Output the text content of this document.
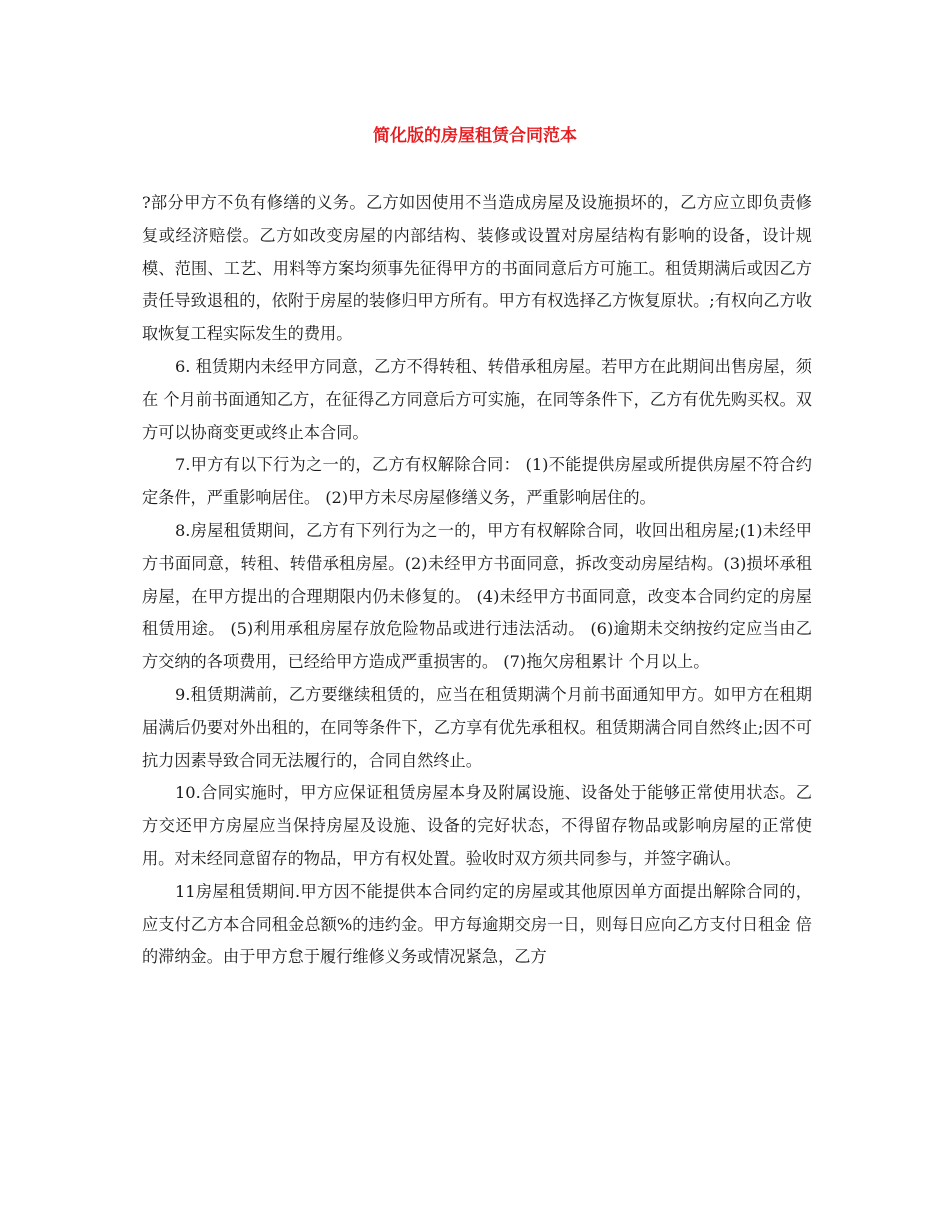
简化版的房屋租赁合同范本

?部分甲方不负有修缮的义务。乙方如因使用不当造成房屋及设施损坏的，乙方应立即负责修复或经济赔偿。乙方如改变房屋的内部结构、装修或设置对房屋结构有影响的设备，设计规模、范围、工艺、用料等方案均须事先征得甲方的书面同意后方可施工。租赁期满后或因乙方责任导致退租的，依附于房屋的装修归甲方所有。甲方有权选择乙方恢复原状。;有权向乙方收取恢复工程实际发生的费用。

6. 租赁期内未经甲方同意，乙方不得转租、转借承租房屋。若甲方在此期间出售房屋，须在 个月前书面通知乙方，在征得乙方同意后方可实施，在同等条件下，乙方有优先购买权。双方可以协商变更或终止本合同。

7.甲方有以下行为之一的，乙方有权解除合同： (1)不能提供房屋或所提供房屋不符合约定条件，严重影响居住。 (2)甲方未尽房屋修缮义务，严重影响居住的。

8.房屋租赁期间，乙方有下列行为之一的，甲方有权解除合同，收回出租房屋;(1)未经甲方书面同意，转租、转借承租房屋。(2)未经甲方书面同意，拆改变动房屋结构。(3)损坏承租房屋，在甲方提出的合理期限内仍未修复的。 (4)未经甲方书面同意，改变本合同约定的房屋租赁用途。 (5)利用承租房屋存放危险物品或进行违法活动。 (6)逾期未交纳按约定应当由乙方交纳的各项费用，已经给甲方造成严重损害的。 (7)拖欠房租累计 个月以上。

9.租赁期满前，乙方要继续租赁的，应当在租赁期满个月前书面通知甲方。如甲方在租期届满后仍要对外出租的，在同等条件下，乙方享有优先承租权。租赁期满合同自然终止;因不可抗力因素导致合同无法履行的，合同自然终止。

10.合同实施时，甲方应保证租赁房屋本身及附属设施、设备处于能够正常使用状态。乙方交还甲方房屋应当保持房屋及设施、设备的完好状态，不得留存物品或影响房屋的正常使用。对未经同意留存的物品，甲方有权处置。验收时双方须共同参与，并签字确认。

11房屋租赁期间.甲方因不能提供本合同约定的房屋或其他原因单方面提出解除合同的，应支付乙方本合同租金总额%的违约金。甲方每逾期交房一日，则每日应向乙方支付日租金 倍的滞纳金。由于甲方怠于履行维修义务或情况紧急，乙方
